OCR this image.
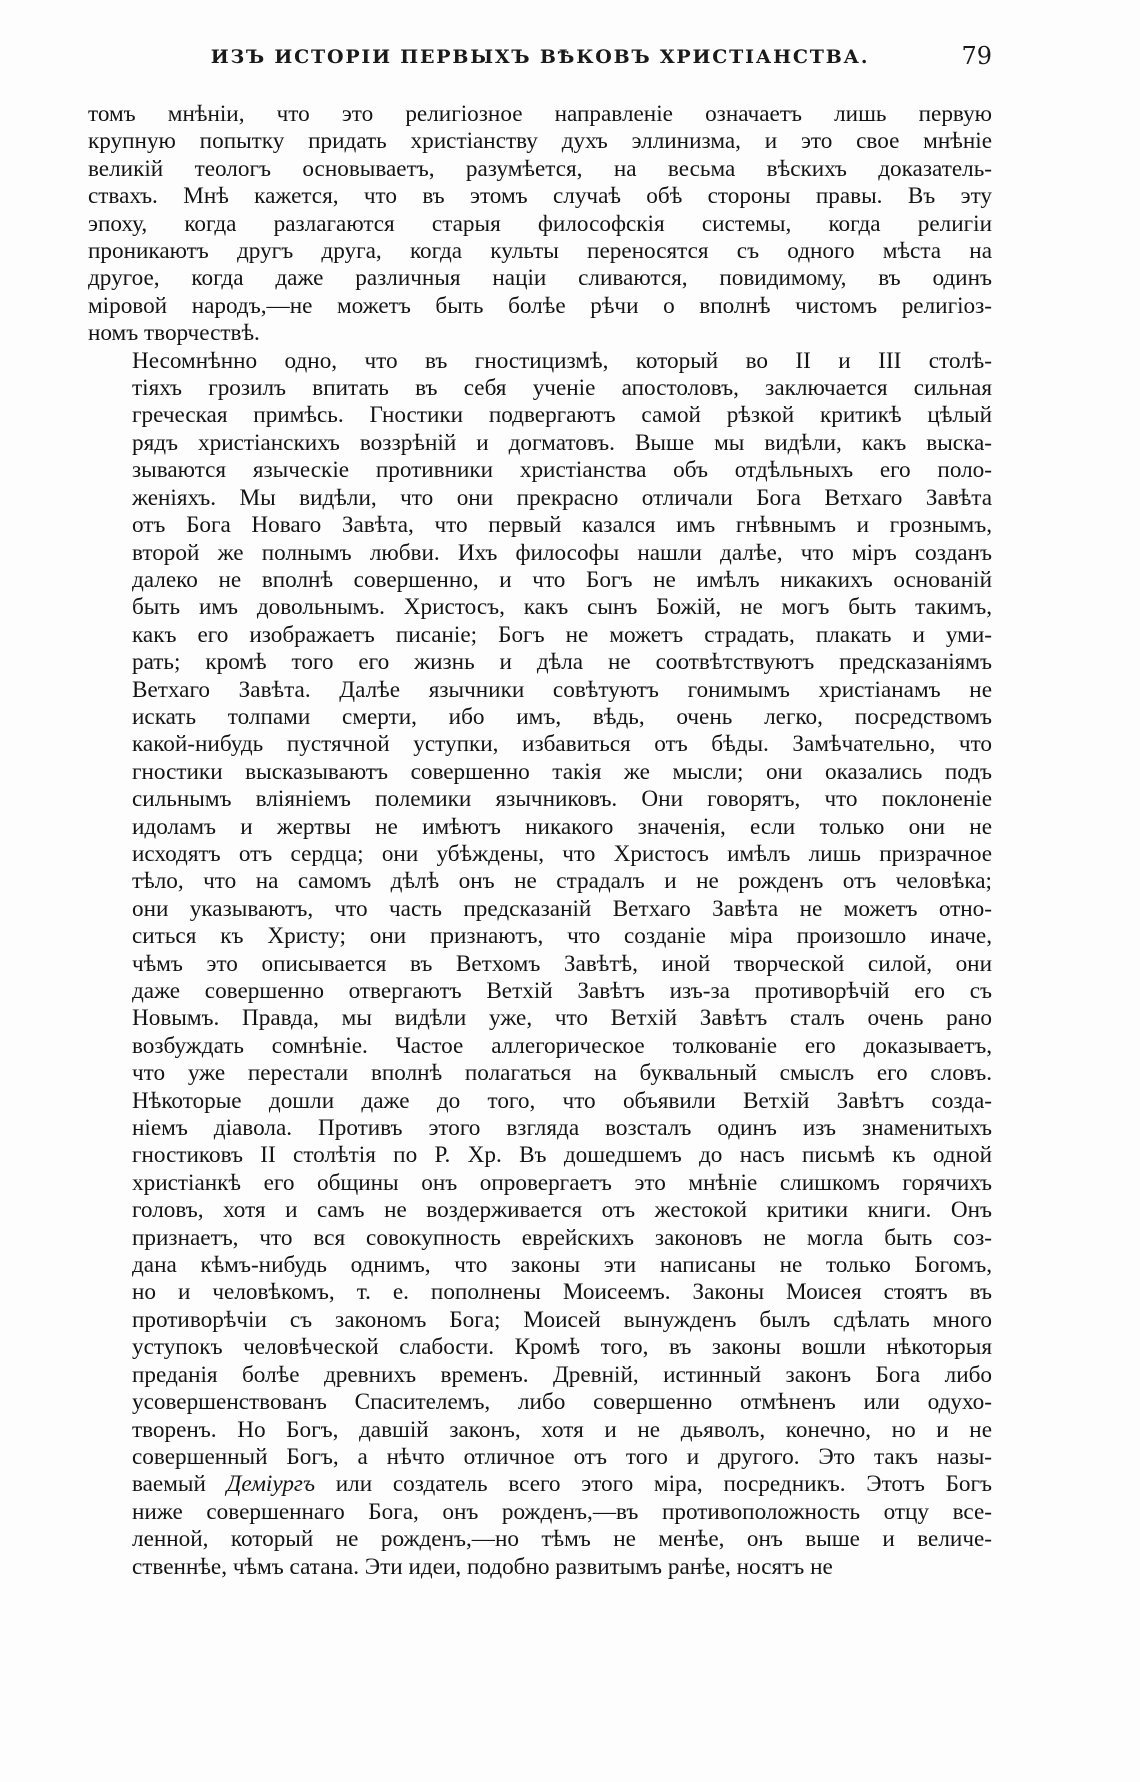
ИЗЪ ИСТОРІИ ПЕРВЫХЪ ВѢКОВЪ ХРИСТІАНСТВА.	79
томъ мнѣніи, что это религіозное направленіе означаетъ лишь первую
крупную попытку придать христіанству духъ эллинизма, и это свое мнѣніе
великій теологъ основываетъ, разумѣется, на весьма вѣскихъ доказатель-
ствахъ. Мнѣ кажется, что въ этомъ случаѣ обѣ стороны правы. Въ эту
эпоху, когда разлагаются старыя философскія системы, когда религіи
проникаютъ другъ друга, когда культы переносятся съ одного мѣста на
другое, когда даже различныя націи сливаются, повидимому, въ одинъ
міровой народъ,—не можетъ быть болѣе рѣчи о вполнѣ чистомъ религіоз-
номъ творчествѣ.
Несомнѣнно одно, что въ гностицизмѣ, который во II и III столѣ-
тіяхъ грозилъ впитать въ себя ученіе апостоловъ, заключается сильная
греческая примѣсь. Гностики подвергаютъ самой рѣзкой критикѣ цѣлый
рядъ христіанскихъ воззрѣній и догматовъ. Выше мы видѣли, какъ выска-
зываются языческіе противники христіанства объ отдѣльныхъ его поло-
женіяхъ. Мы видѣли, что они прекрасно отличали Бога Ветхаго Завѣта
отъ Бога Новаго Завѣта, что первый казался имъ гнѣвнымъ и грознымъ,
второй же полнымъ любви. Ихъ философы нашли далѣе, что міръ созданъ
далеко не вполнѣ совершенно, и что Богъ не имѣлъ никакихъ основаній
быть имъ довольнымъ. Христосъ, какъ сынъ Божій, не могъ быть такимъ,
какъ его изображаетъ писаніе; Богъ не можетъ страдать, плакать и уми-
рать; кромѣ того его жизнь и дѣла не соотвѣтствуютъ предсказаніямъ
Ветхаго Завѣта. Далѣе язычники совѣтуютъ гонимымъ христіанамъ не
искать толпами смерти, ибо имъ, вѣдь, очень легко, посредствомъ
какой-нибудь пустячной уступки, избавиться отъ бѣды. Замѣчательно, что
гностики высказываютъ совершенно такія же мысли; они оказались подъ
сильнымъ вліяніемъ полемики язычниковъ. Они говорятъ, что поклоненіе
идоламъ и жертвы не имѣютъ никакого значенія, если только они не
исходятъ отъ сердца; они убѣждены, что Христосъ имѣлъ лишь призрачное
тѣло, что на самомъ дѣлѣ онъ не страдалъ и не рожденъ отъ человѣка;
они указываютъ, что часть предсказаній Ветхаго Завѣта не можетъ отно-
ситься къ Христу; они признаютъ, что созданіе міра произошло иначе,
чѣмъ это описывается въ Ветхомъ Завѣтѣ, иной творческой силой, они
даже совершенно отвергаютъ Ветхій Завѣтъ изъ-за противорѣчій его съ
Новымъ. Правда, мы видѣли уже, что Ветхій Завѣтъ сталъ очень рано
возбуждать сомнѣніе. Частое аллегорическое толкованіе его доказываетъ,
что уже перестали вполнѣ полагаться на буквальный смыслъ его словъ.
Нѣкоторые дошли даже до того, что объявили Ветхій Завѣтъ созда-
ніемъ діавола. Противъ этого взгляда возсталъ одинъ изъ знаменитыхъ
гностиковъ II столѣтія по Р. Хр. Въ дошедшемъ до насъ письмѣ къ одной
христіанкѣ его общины онъ опровергаетъ это мнѣніе слишкомъ горячихъ
головъ, хотя и самъ не воздерживается отъ жестокой критики книги. Онъ
признаетъ, что вся совокупность еврейскихъ законовъ не могла быть соз-
дана кѣмъ-нибудь однимъ, что законы эти написаны не только Богомъ,
но и человѣкомъ, т. е. пополнены Моисеемъ. Законы Моисея стоятъ въ
противорѣчіи съ закономъ Бога; Моисей вынужденъ былъ сдѣлать много
уступокъ человѣческой слабости. Кромѣ того, въ законы вошли нѣкоторыя
преданія болѣе древнихъ временъ. Древній, истинный законъ Бога либо
усовершенствованъ Спасителемъ, либо совершенно отмѣненъ или одухо-
творенъ. Но Богъ, давшій законъ, хотя и не дьяволъ, конечно, но и не
совершенный Богъ, а нѣчто отличное отъ того и другого. Это такъ назы-
ваемый Деміургъ или создатель всего этого міра, посредникъ. Этотъ Богъ
ниже совершеннаго Бога, онъ рожденъ,—въ противоположность отцу все-
ленной, который не рожденъ,—но тѣмъ не менѣе, онъ выше и величе-
ственнѣе, чѣмъ сатана. Эти идеи, подобно развитымъ ранѣе, носятъ не
